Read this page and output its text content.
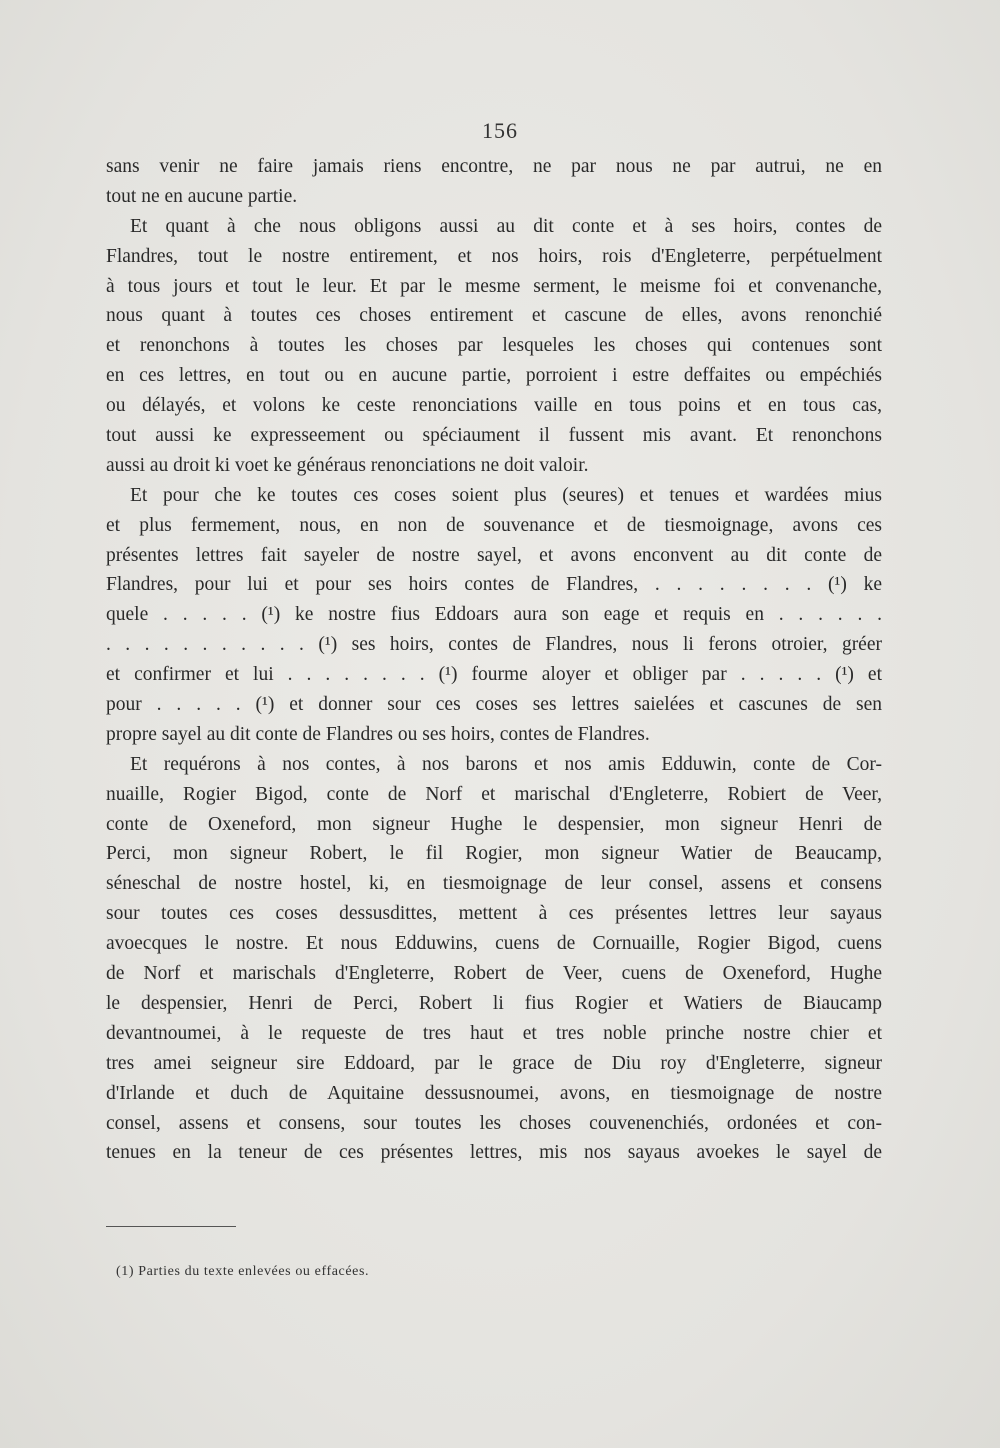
156
sans venir ne faire jamais riens encontre, ne par nous ne par autrui, ne en
tout ne en aucune partie.
Et quant à che nous obligons aussi au dit conte et à ses hoirs, contes de
Flandres, tout le nostre entirement, et nos hoirs, rois d'Engleterre, perpétuelment
à tous jours et tout le leur. Et par le mesme serment, le meisme foi et convenanche,
nous quant à toutes ces choses entirement et cascune de elles, avons renonchié
et renonchons à toutes les choses par lesqueles les choses qui contenues sont
en ces lettres, en tout ou en aucune partie, porroient i estre deffaites ou empéchiés
ou délayés, et volons ke ceste renonciations vaille en tous poins et en tous cas,
tout aussi ke expresseement ou spéciaument il fussent mis avant. Et renonchons
aussi au droit ki voet ke généraus renonciations ne doit valoir.
Et pour che ke toutes ces coses soient plus (seures) et tenues et wardées mius
et plus fermement, nous, en non de souvenance et de tiesmoignage, avons ces
présentes lettres fait sayeler de nostre sayel, et avons enconvent au dit conte de
Flandres, pour lui et pour ses hoirs contes de Flandres, . . . . . . . . (¹) ke
quele . . . . . (¹) ke nostre fius Eddoars aura son eage et requis en . . . . . .
. . . . . . . . . . . (¹) ses hoirs, contes de Flandres, nous li ferons otroier, gréer
et confirmer et lui . . . . . . . . (¹) fourme aloyer et obliger par . . . . . (¹) et
pour . . . . . (¹) et donner sour ces coses ses lettres saielées et cascunes de sen
propre sayel au dit conte de Flandres ou ses hoirs, contes de Flandres.
Et requérons à nos contes, à nos barons et nos amis Edduwin, conte de Cor-
nuaille, Rogier Bigod, conte de Norf et marischal d'Engleterre, Robiert de Veer,
conte de Oxeneford, mon signeur Hughe le despensier, mon signeur Henri de
Perci, mon signeur Robert, le fil Rogier, mon signeur Watier de Beaucamp,
séneschal de nostre hostel, ki, en tiesmoignage de leur consel, assens et consens
sour toutes ces coses dessusdittes, mettent à ces présentes lettres leur sayaus
avoecques le nostre. Et nous Edduwins, cuens de Cornuaille, Rogier Bigod, cuens
de Norf et marischals d'Engleterre, Robert de Veer, cuens de Oxeneford, Hughe
le despensier, Henri de Perci, Robert li fius Rogier et Watiers de Biaucamp
devantnoumei, à le requeste de tres haut et tres noble prinche nostre chier et
tres amei seigneur sire Eddoard, par le grace de Diu roy d'Engleterre, signeur
d'Irlande et duch de Aquitaine dessusnoumei, avons, en tiesmoignage de nostre
consel, assens et consens, sour toutes les choses couvenenchiés, ordonées et con-
tenues en la teneur de ces présentes lettres, mis nos sayaus avoekes le sayel de
(1) Parties du texte enlevées ou effacées.
